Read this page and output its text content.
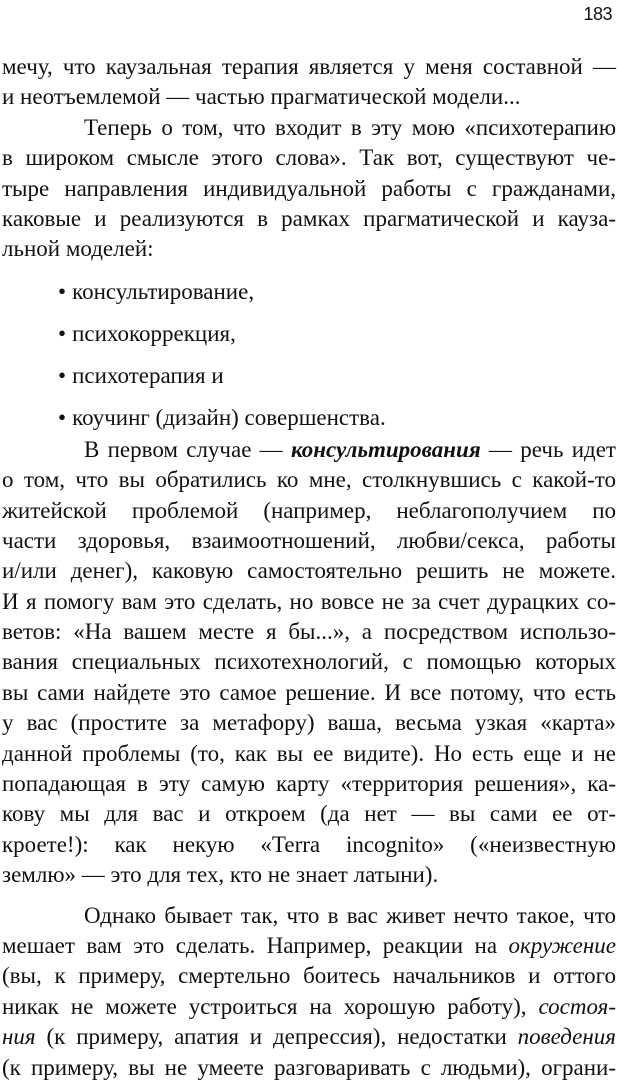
183
мечу, что каузальная терапия является у меня составной —
и неотъемлемой — частью прагматической модели...
Теперь о том, что входит в эту мою «психотерапию
в широком смысле этого слова». Так вот, существуют че-
тыре направления индивидуальной работы с гражданами,
каковые и реализуются в рамках прагматической и кауза-
льной моделей:
• консультирование,
• психокоррекция,
• психотерапия и
• коучинг (дизайн) совершенства.
В первом случае — консультирования — речь идет
о том, что вы обратились ко мне, столкнувшись с какой-то
житейской проблемой (например, неблагополучием по
части здоровья, взаимоотношений, любви/секса, работы
и/или денег), каковую самостоятельно решить не можете.
И я помогу вам это сделать, но вовсе не за счет дурацких со-
ветов: «На вашем месте я бы...», а посредством использо-
вания специальных психотехнологий, с помощью которых
вы сами найдете это самое решение. И все потому, что есть
у вас (простите за метафору) ваша, весьма узкая «карта»
данной проблемы (то, как вы ее видите). Но есть еще и не
попадающая в эту самую карту «территория решения», ка-
кову мы для вас и откроем (да нет — вы сами ее от-
кроете!): как некую «Terra incognito» («неизвестную
землю» — это для тех, кто не знает латыни).
Однако бывает так, что в вас живет нечто такое, что
мешает вам это сделать. Например, реакции на окружение
(вы, к примеру, смертельно боитесь начальников и оттого
никак не можете устроиться на хорошую работу), состоя-
ния (к примеру, апатия и депрессия), недостатки поведения
(к примеру, вы не умеете разговаривать с людьми), ограни-
